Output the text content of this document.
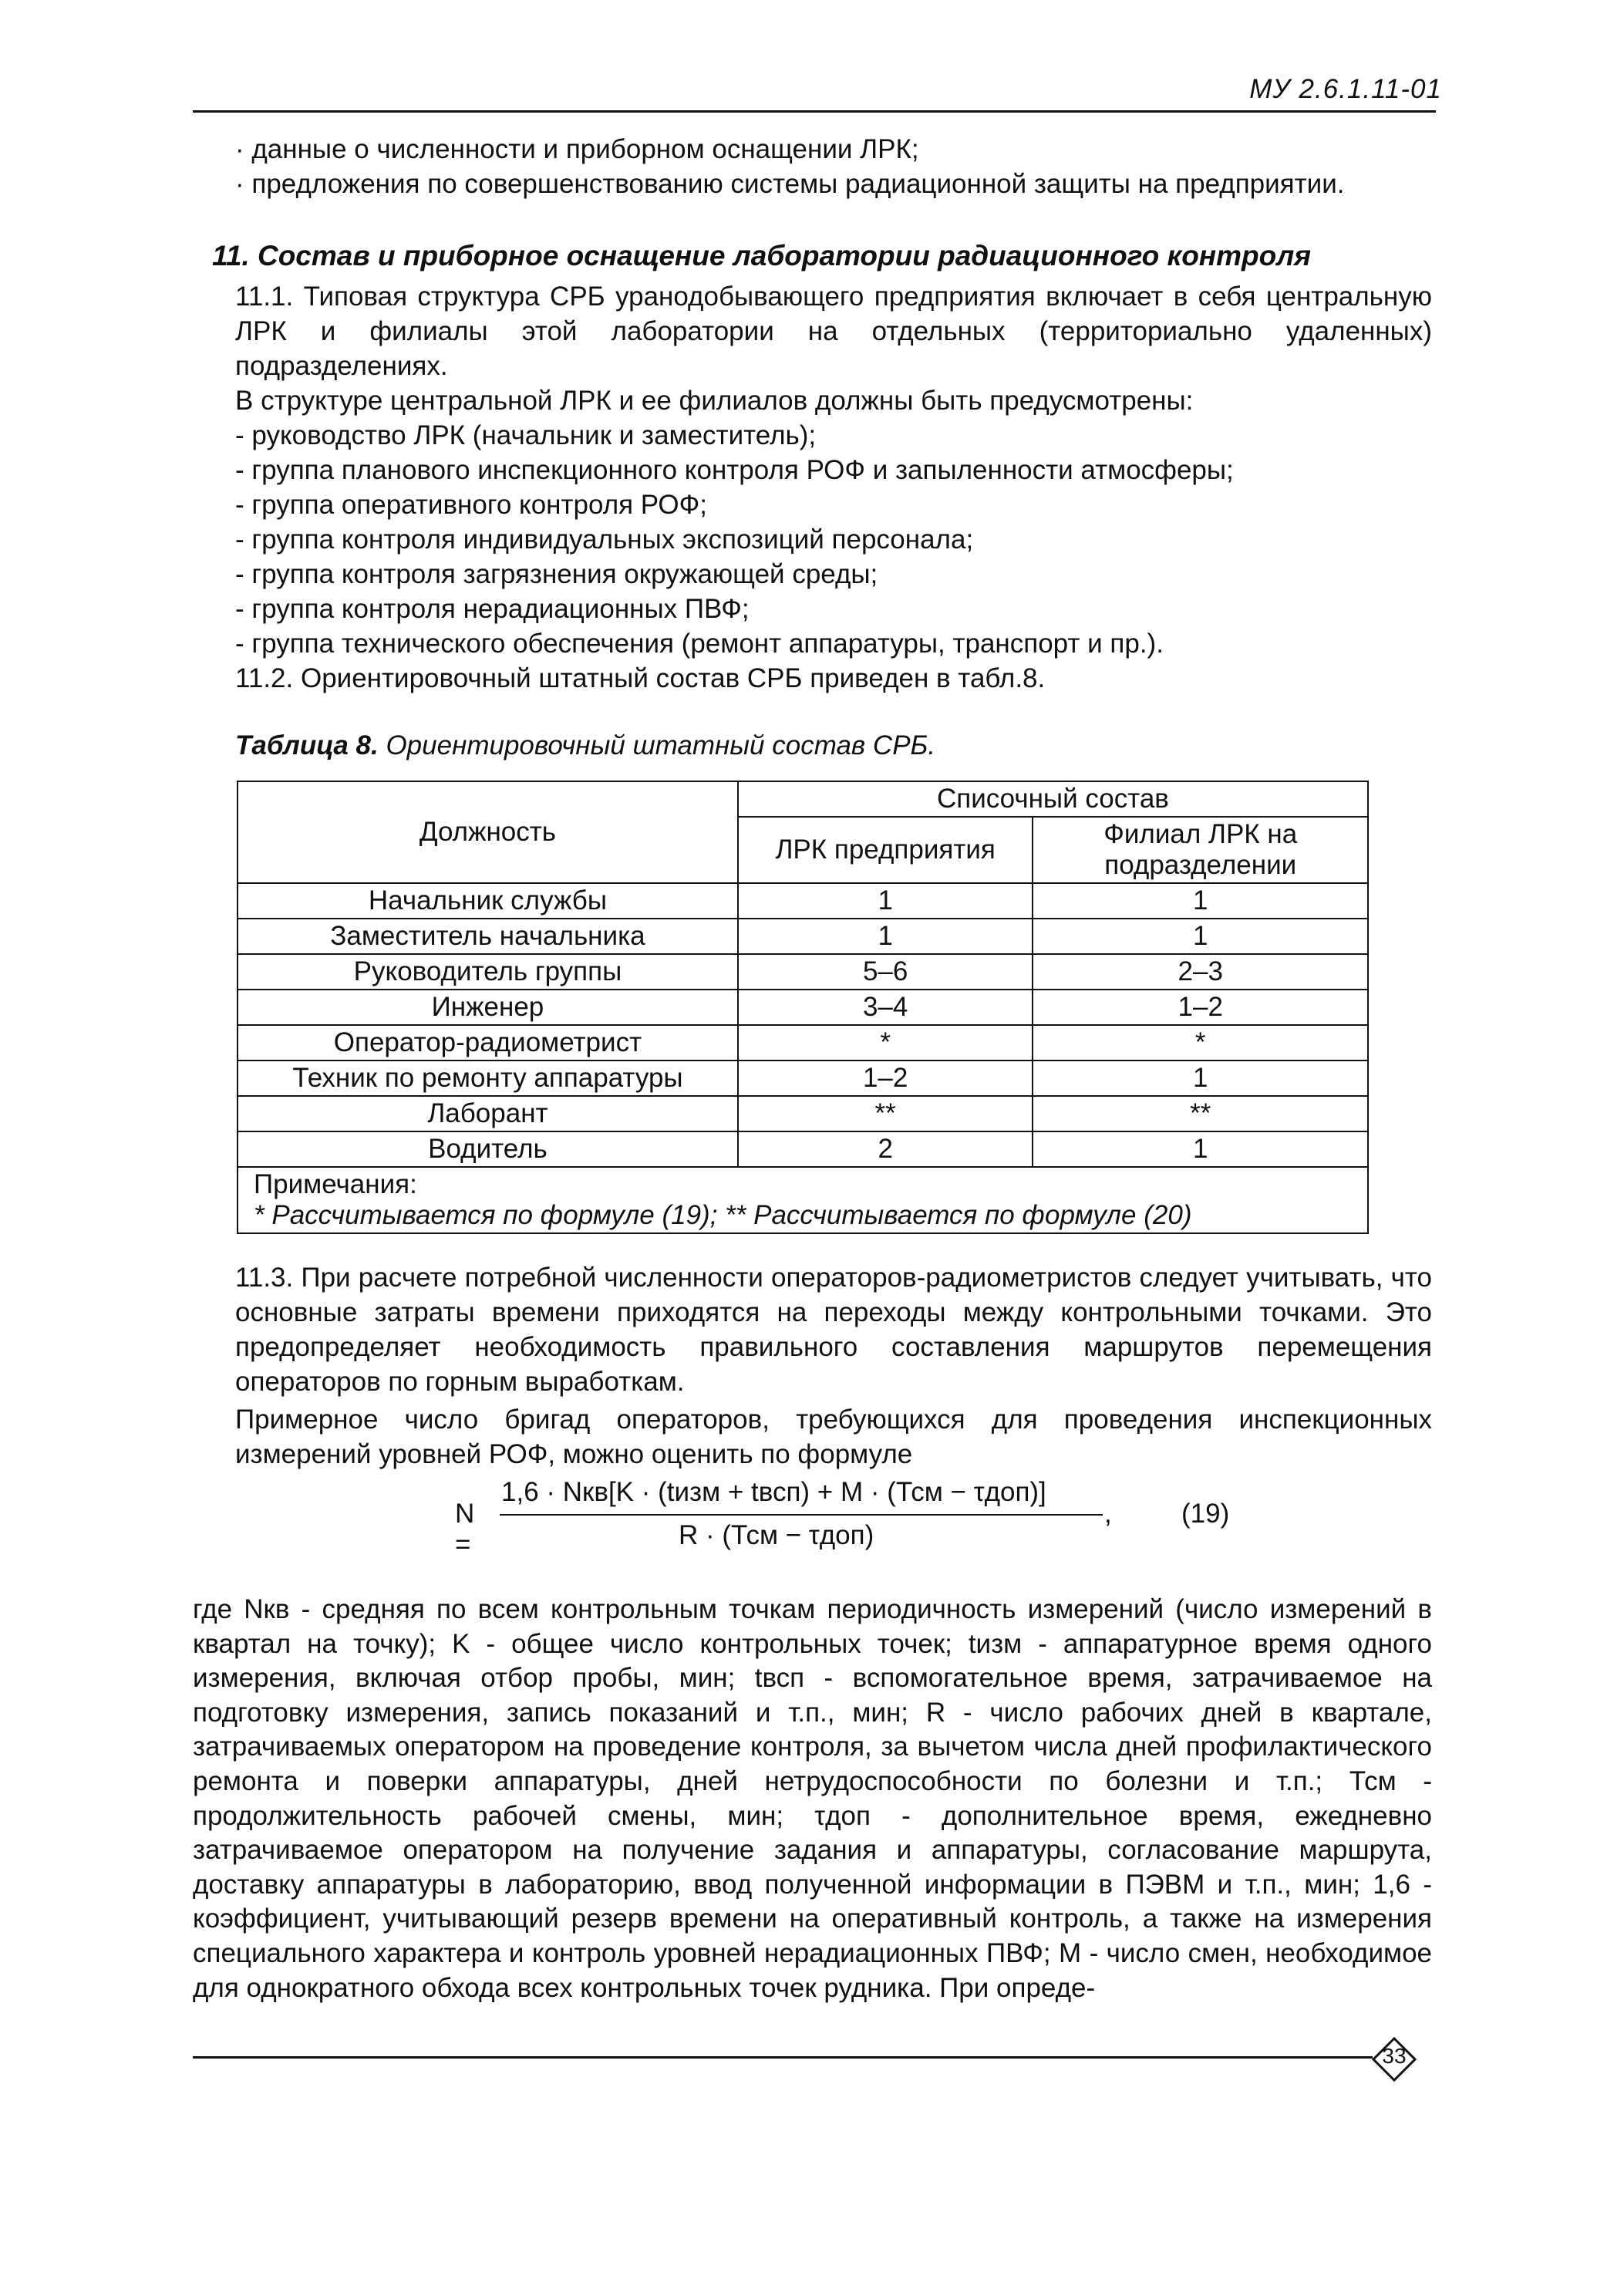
МУ 2.6.1.11-01

· данные о численности и приборном оснащении ЛРК;

· предложения по совершенствованию системы радиационной защиты на предприятии.

11. Состав и приборное оснащение лаборатории радиационного контроля

11.1. Типовая структура СРБ уранодобывающего предприятия включает в себя центральную ЛРК и филиалы этой лаборатории на отдельных (территориально удаленных) подразделениях.

В структуре центральной ЛРК и ее филиалов должны быть предусмотрены:

- руководство ЛРК (начальник и заместитель);

- группа планового инспекционного контроля РОФ и запыленности атмосферы;

- группа оперативного контроля РОФ;

- группа контроля индивидуальных экспозиций персонала;

- группа контроля загрязнения окружающей среды;

- группа контроля нерадиационных ПВФ;

- группа технического обеспечения (ремонт аппаратуры, транспорт и пр.).

11.2. Ориентировочный штатный состав СРБ приведен в табл.8.

Таблица 8. Ориентировочный штатный состав СРБ.
Должность	Списочный состав	
	ЛРК предприятия	Филиал ЛРК на подразделении
Начальник службы	1	1
Заместитель начальника	1	1
Руководитель группы	5–6	2–3
Инженер	3–4	1–2
Оператор-радиометрист	*	*
Техник по ремонту аппаратуры	1–2	1
Лаборант	**	**
Водитель	2	1

Примечания:
* Рассчитывается по формуле (19); ** Рассчитывается по формуле (20)		

11.3. При расчете потребной численности операторов-радиометристов следует учитывать, что основные затраты времени приходятся на переходы между контрольными точками. Это предопределяет необходимость правильного составления маршрутов перемещения операторов по горным выработкам.

Примерное число бригад операторов, требующихся для проведения инспекционных измерений уровней РОФ, можно оценить по формуле

N =
1,6 · Nкв[K · (tизм + tвсп) + M · (Тсм − τдоп)]
R · (Тсм − τдоп)
,	(19)

где Nкв - средняя по всем контрольным точкам периодичность измерений (число измерений в квартал на точку); K - общее число контрольных точек; tизм - аппаратурное время одного измерения, включая отбор пробы, мин; tвсп - вспомогательное время, затрачиваемое на подготовку измерения, запись показаний и т.п., мин; R - число рабочих дней в квартале, затрачиваемых оператором на проведение контроля, за вычетом числа дней профилактического ремонта и поверки аппаратуры, дней нетрудоспособности по болезни и т.п.; Тсм - продолжительность рабочей смены, мин; τдоп - дополнительное время, ежедневно затрачиваемое оператором на получение задания и аппаратуры, согласование маршрута, доставку аппаратуры в лабораторию, ввод полученной информации в ПЭВМ и т.п., мин; 1,6 - коэффициент, учитывающий резерв времени на оперативный контроль, а также на измерения специального характера и контроль уровней нерадиационных ПВФ; М - число смен, необходимое для однократного обхода всех контрольных точек рудника. При опреде-

33
